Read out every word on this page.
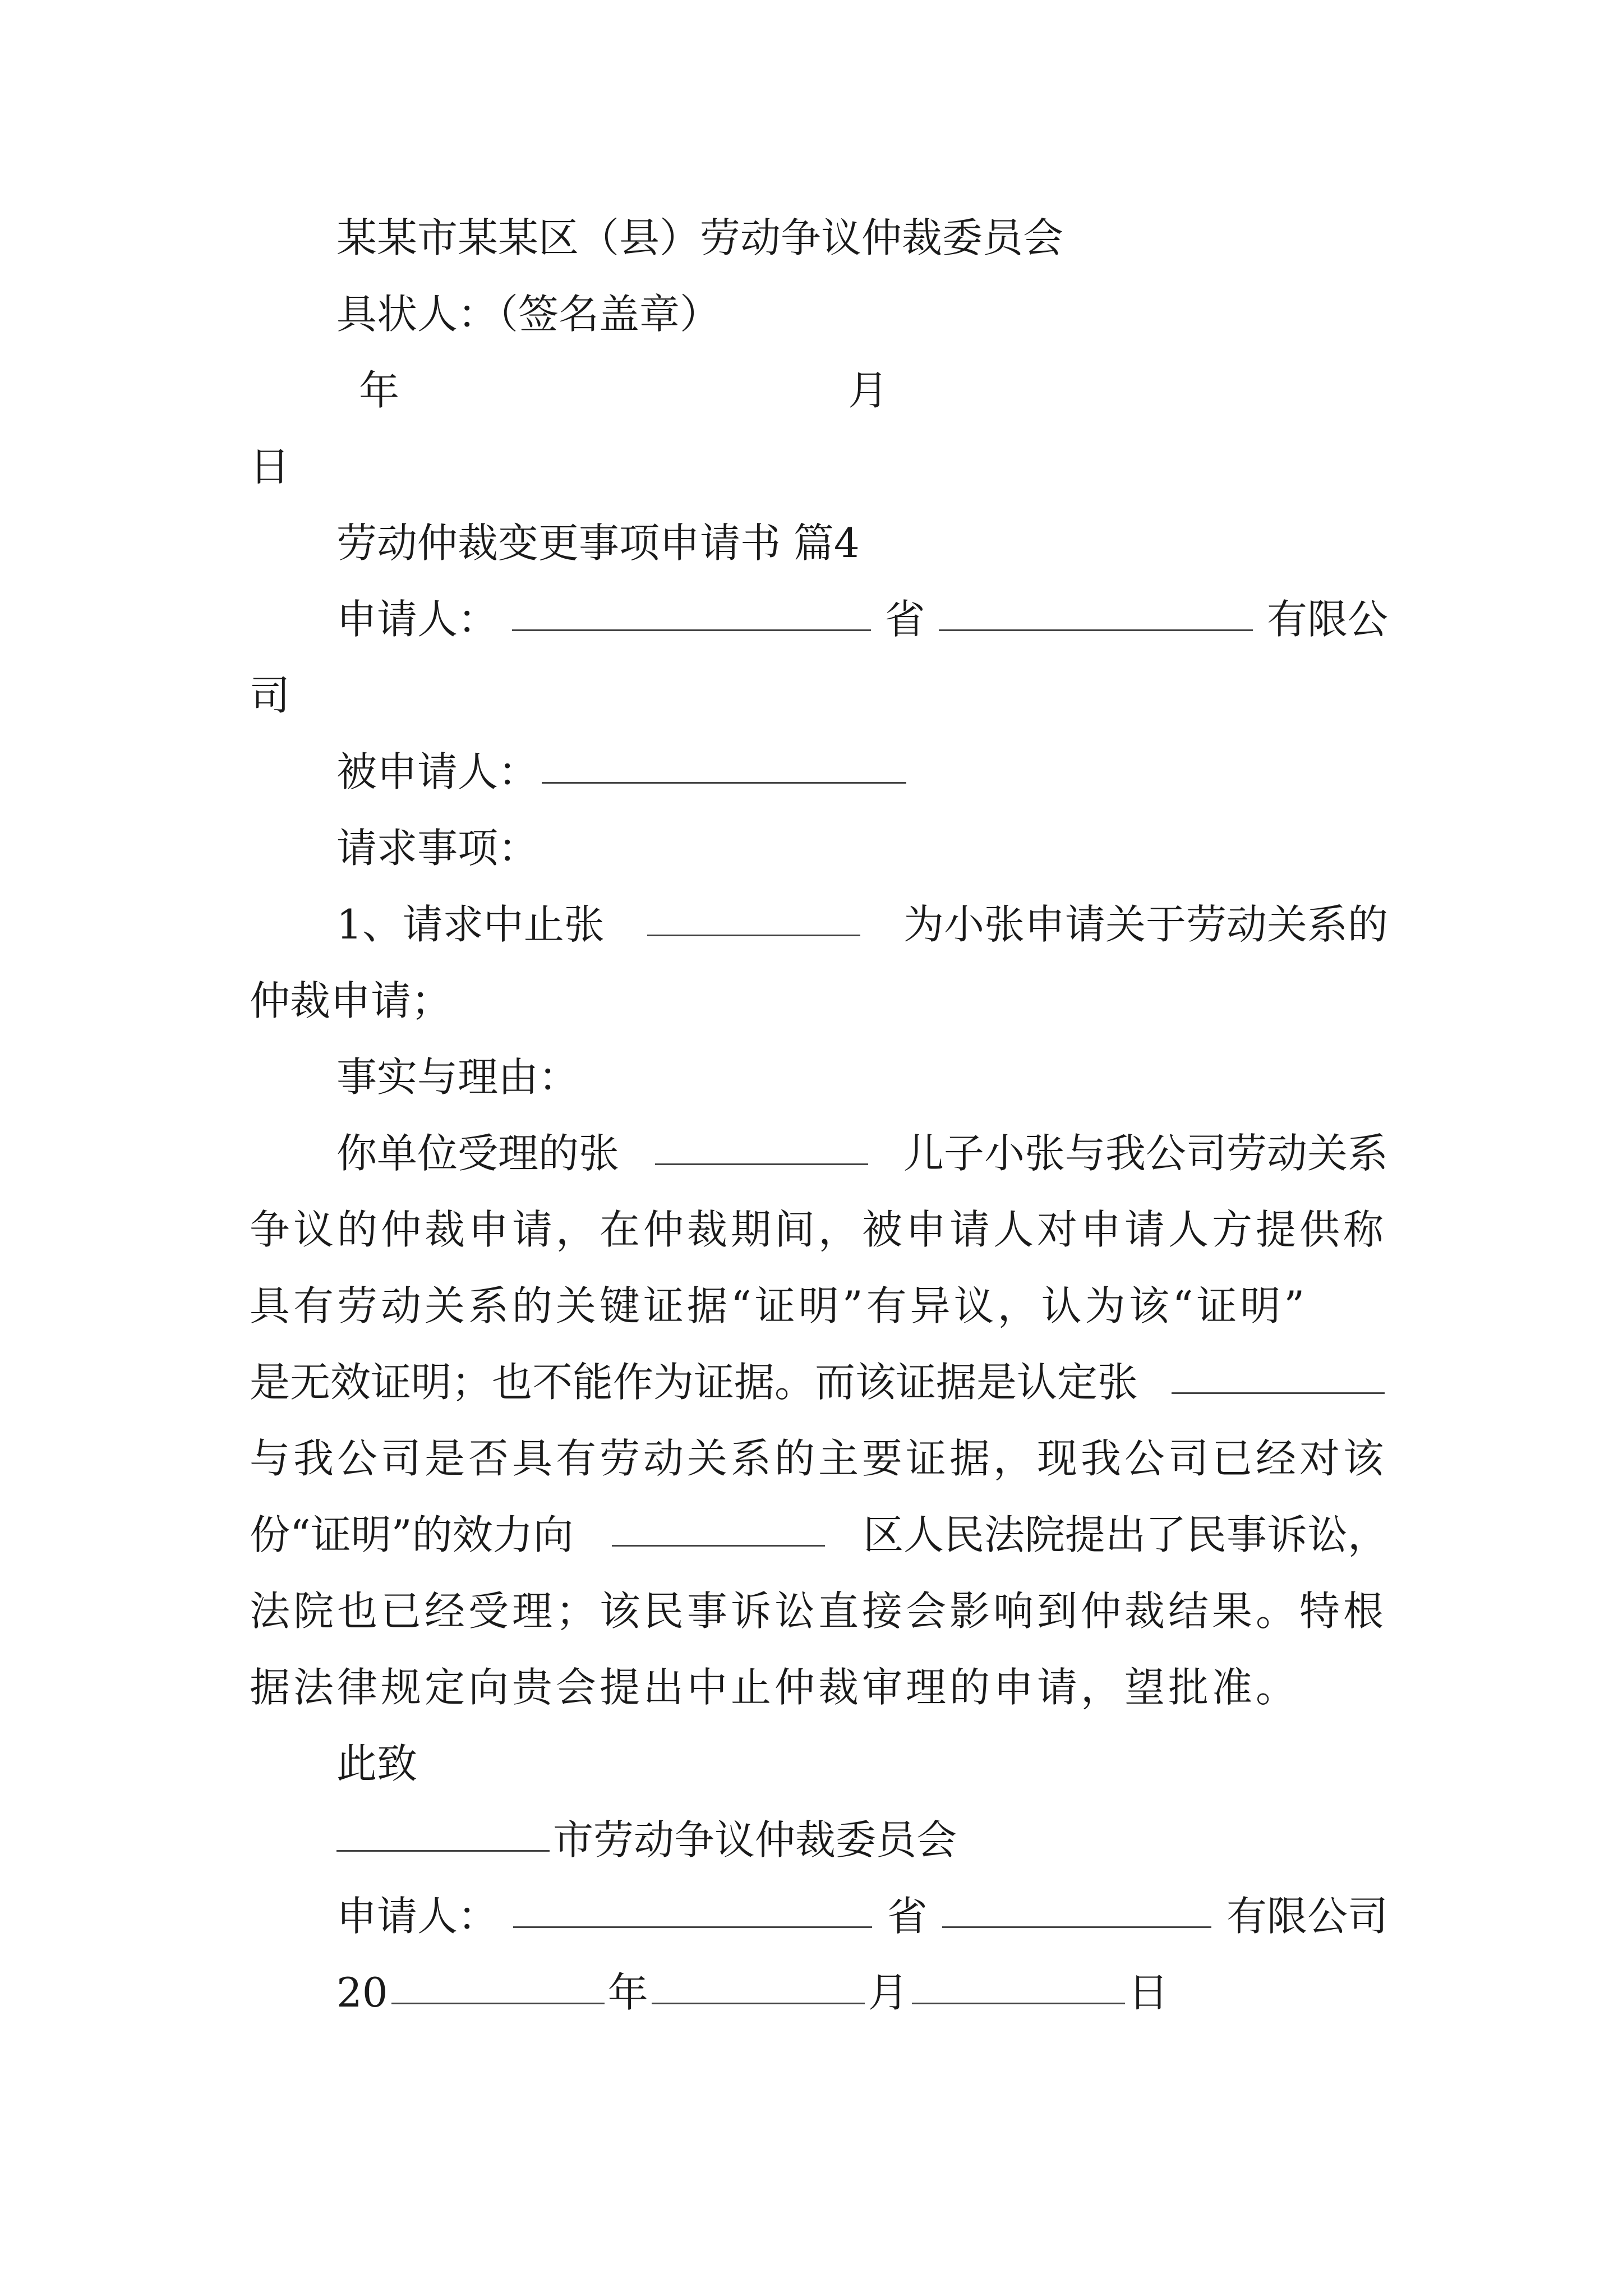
某某市某某区（县）劳动争议仲裁委员会
具状人：（签名盖章）
年	月
日
劳动仲裁变更事项申请书 篇4
申请人：	省	有限公
司
被申请人：
请求事项：
1、请求中止张	为小张申请关于劳动关系的
仲裁申请；
事实与理由：
你单位受理的张	儿子小张与我公司劳动关系
争议的仲裁申请，在仲裁期间，被申请人对申请人方提供称
具有劳动关系的关键证据“证明”有异议，认为该“证明”
是无效证明；也不能作为证据。而该证据是认定张
与我公司是否具有劳动关系的主要证据，现我公司已经对该
份“证明”的效力向	区人民法院提出了民事诉讼，
法院也已经受理；该民事诉讼直接会影响到仲裁结果。特根
据法律规定向贵会提出中止仲裁审理的申请，望批准。
此致
市劳动争议仲裁委员会
申请人：	省	有限公司
20	年	月	日
